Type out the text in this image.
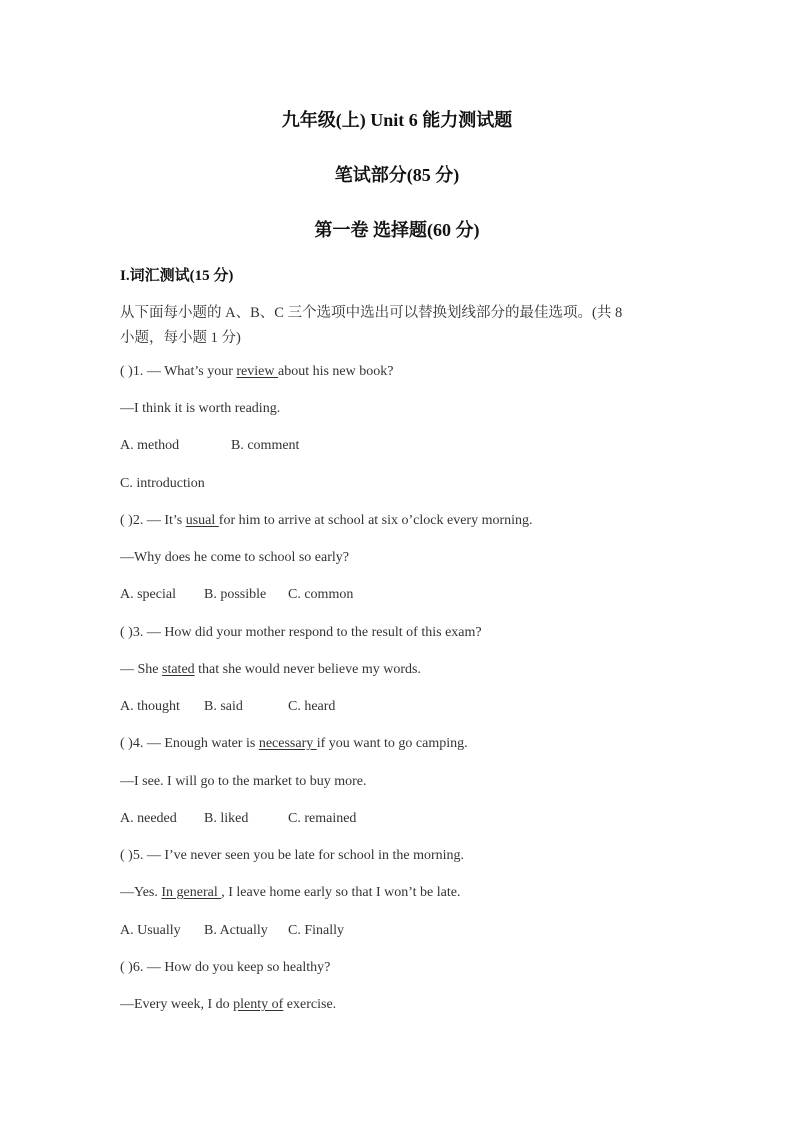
九年级(上) Unit 6 能力测试题
笔试部分(85 分)
第一卷 选择题(60 分)
I.词汇测试(15 分)
从下面每小题的 A、B、C 三个选项中选出可以替换划线部分的最佳选项。(共 8
小题，每小题 1 分)
( )1. — What’s your review about his new book?
—I think it is worth reading.
A. method	B. comment
C. introduction
( )2. — It’s usual for him to arrive at school at six o’clock every morning.
—Why does he come to school so early?
A. special B. possible C. common
( )3. — How did your mother respond to the result of this exam?
— She stated that she would never believe my words.
A. thought B. said	C. heard
( )4. — Enough water is necessary if you want to go camping.
—I see. I will go to the market to buy more.
A. needed B. liked	C. remained
( )5. — I’ve never seen you be late for school in the morning.
—Yes. In general , I leave home early so that I won’t be late.
A. Usually B. Actually C. Finally
( )6. — How do you keep so healthy?
—Every week, I do plenty of exercise.
